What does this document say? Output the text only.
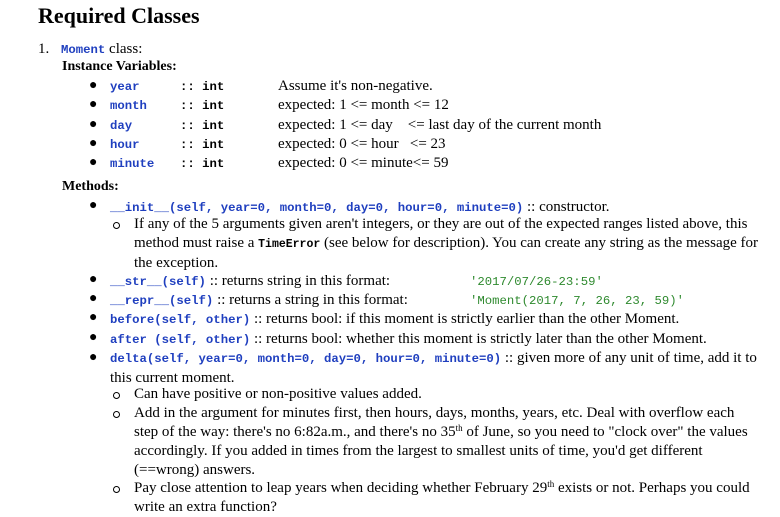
Required Classes
1. Moment class:
Instance Variables:
● year	:: int	Assume it's non-negative.
● month	:: int	expected: 1 <= month <= 12
● day	:: int	expected: 1 <= day    <= last day of the current month
● hour	:: int	expected: 0 <= hour   <= 23
● minute :: int	expected: 0 <= minute<= 59
Methods:
● __init__(self, year=0, month=0, day=0, hour=0, minute=0) :: constructor.
If any of the 5 arguments given aren't integers, or they are out of the expected ranges listed above, this method must raise a TimeError (see below for description). You can create any string as the message for the exception.
● __str__(self) :: returns string in this format:	'2017/07/26-23:59'
● __repr__(self) :: returns a string in this format:	'Moment(2017, 7, 26, 23, 59)'
● before(self, other) :: returns bool: if this moment is strictly earlier than the other Moment.
● after (self, other) :: returns bool: whether this moment is strictly later than the other Moment.
● delta(self, year=0, month=0, day=0, hour=0, minute=0) :: given more of any unit of time, add it to this current moment.
Can have positive or non-positive values added.
Add in the argument for minutes first, then hours, days, months, years, etc. Deal with overflow each step of the way: there's no 6:82a.m., and there's no 35th of June, so you need to "clock over" the values accordingly. If you added in times from the largest to smallest units of time, you'd get different (==wrong) answers.
Pay close attention to leap years when deciding whether February 29th exists or not. Perhaps you could write an extra function?
